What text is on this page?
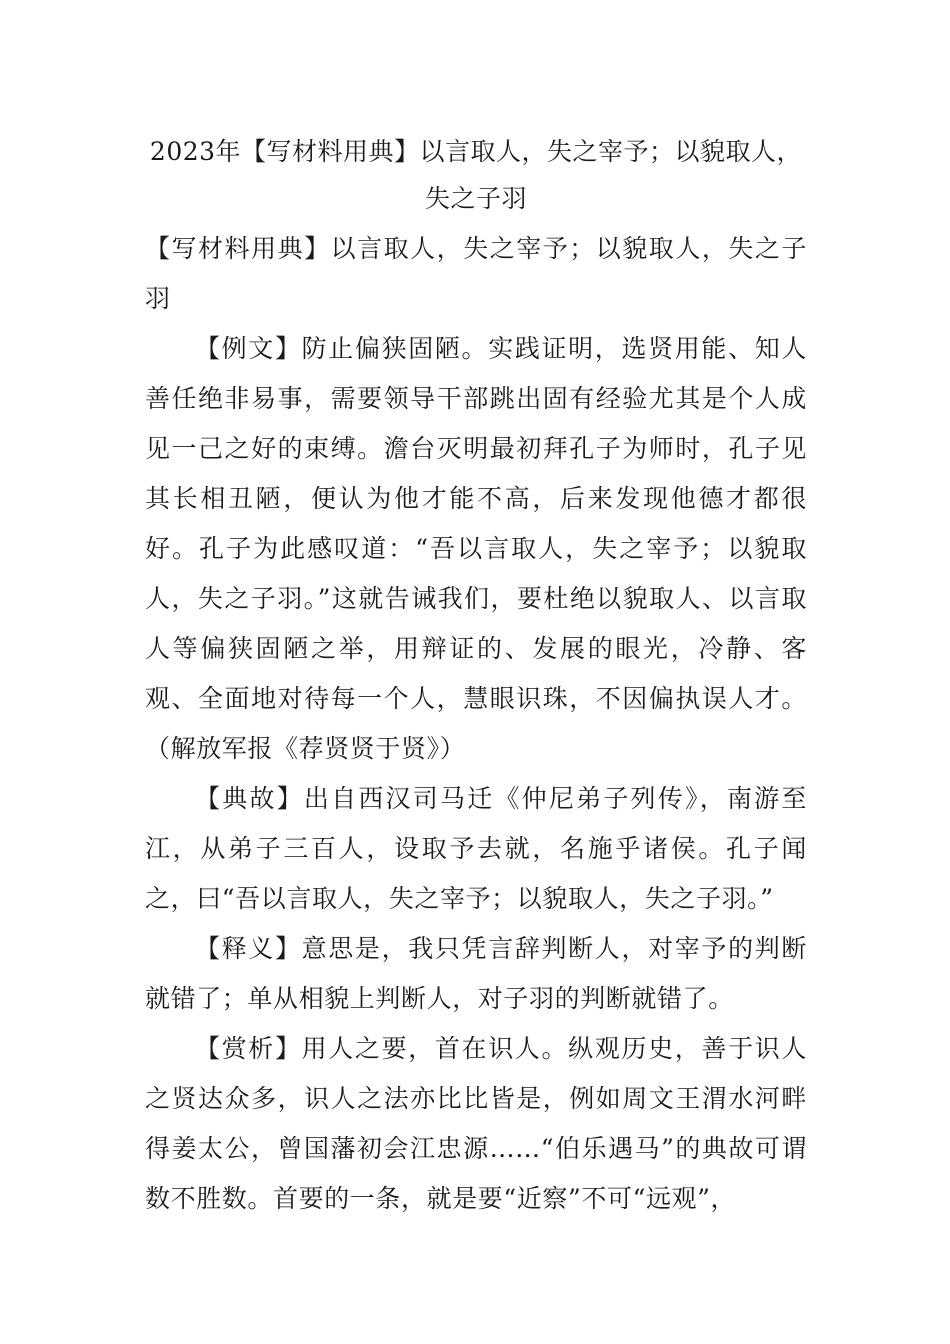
2023年【写材料用典】以言取人，失之宰予；以貌取人，
失之子羽

【写材料用典】以言取人，失之宰予；以貌取人，失之子羽

【例文】防止偏狭固陋。实践证明，选贤用能、知人善任绝非易事，需要领导干部跳出固有经验尤其是个人成见一己之好的束缚。澹台灭明最初拜孔子为师时，孔子见其长相丑陋，便认为他才能不高，后来发现他德才都很好。孔子为此感叹道：“吾以言取人，失之宰予；以貌取人，失之子羽。”这就告诫我们，要杜绝以貌取人、以言取人等偏狭固陋之举，用辩证的、发展的眼光，冷静、客观、全面地对待每一个人，慧眼识珠，不因偏执误人才。（解放军报《荐贤贤于贤》）

【典故】出自西汉司马迁《仲尼弟子列传》，南游至江，从弟子三百人，设取予去就，名施乎诸侯。孔子闻之，曰“吾以言取人，失之宰予；以貌取人，失之子羽。”

【释义】意思是，我只凭言辞判断人，对宰予的判断就错了；单从相貌上判断人，对子羽的判断就错了。

【赏析】用人之要，首在识人。纵观历史，善于识人之贤达众多，识人之法亦比比皆是，例如周文王渭水河畔得姜太公，曾国藩初会江忠源……“伯乐遇马”的典故可谓数不胜数。首要的一条，就是要“近察”不可“远观”，
